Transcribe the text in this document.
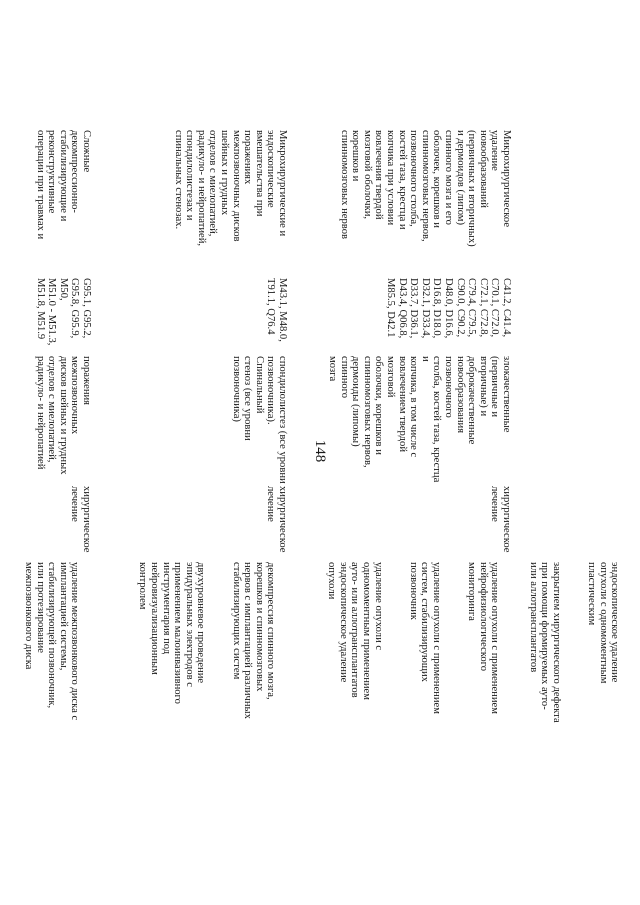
148

эндоскопическое удаление
опухоли с одномоментным
пластическим

закрытием хирургического дефекта
при помощи формируемых ауто-
или аллотрансплантатов

Микрохирургическое
удаление
новообразований
(первичных и вторичных)
и дермоидов (липом)
спинного мозга и его
оболочек, корешков и
спинномозговых нервов,
позвоночного столба,
костей таза, крестца и
копчика при условии
вовлечения твердой
мозговой оболочки,
корешков и
спинномозговых нервов
C41.2, C41.4,
C70.1, C72.0,
C72.1, C72.8,
C79.4, C79.5,
C90.0, C90.2,
D48.0, D16.6,
D16.8, D18.0,
D32.1, D33.4,
D33.7, D36.1,
D43.4, Q06.8,
M85.5, D42.1
злокачественные (первичные и
вторичные) и
доброкачественные
новообразования позвоночного
столба, костей таза, крестца и
копчика, в том числе с
вовлечением твердой мозговой
оболочки, корешков и
спинномозговых нервов,
дермоиды (липомы) спинного
мозга
хирургическое
лечение

удаление опухоли с применением
нейрофизиологического
мониторинга

удаление опухоли с применением
систем, стабилизирующих
позвоночник

удаление опухоли с
одномоментным применением
ауто- или аллотрансплантатов
эндоскопическое удаление
опухоли

Микрохирургические и
эндоскопические
вмешательства при
поражениях
межпозвоночных дисков
шейных и грудных
отделов с миелопатией,
радикуло- и нейропатией,
спондилолистезах и
спинальных стенозах.
M43.1, M48.0,
T91.1, Q76.4
спондилолистез (все уровни
позвоночника). Спинальный
стеноз (все уровни
позвоночника)
хирургическое
лечение

декомпрессия спинного мозга,
корешков и спинномозговых
нервов с имплантацией различных
стабилизирующих систем

двухуровневое проведение
эпидуральных электродов с
применением малоинвазивного
инструментария под
нейровизуализационным
контролем

Сложные
декомпрессионно-
стабилизирующие и
реконструктивные
операции при травмах и
G95.1, G95.2,
G95.8, G95.9, M50,
M51.0 - M51.3,
M51.8, M51.9
поражения межпозвоночных
дисков шейных и грудных
отделов с миелопатией,
радикуло- и нейропатией
хирургическое
лечение

удаление межпозвонкового диска с
имплантацией системы,
стабилизирующей позвоночник,
или протезирование
межпозвонкового диска
